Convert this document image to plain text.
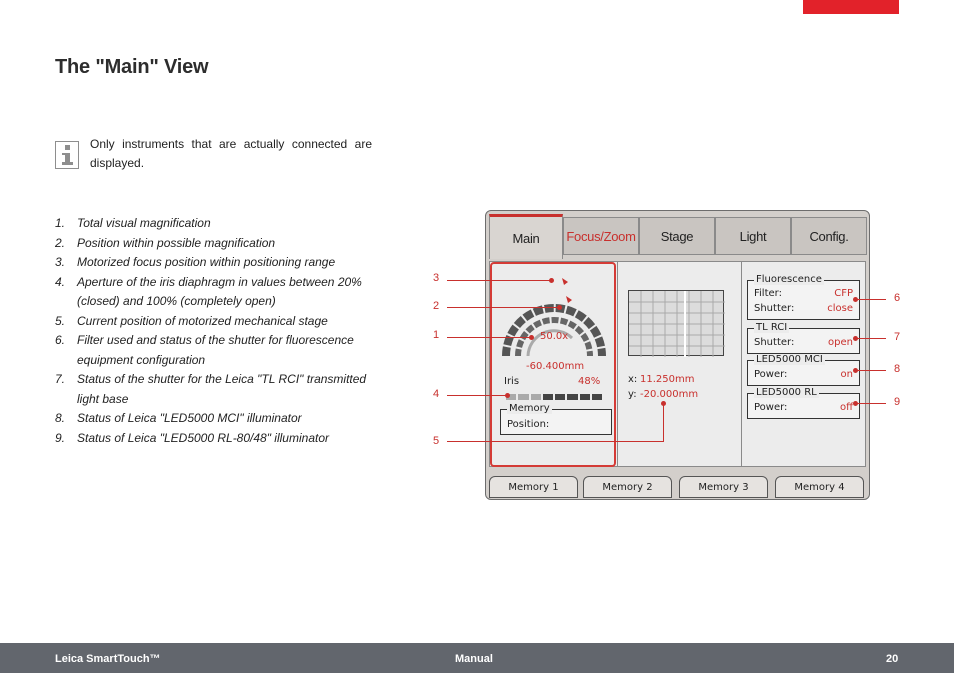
The "Main" View

Only instruments that are actually connected are displayed.

1. Total visual magnification
2. Position within possible magnification
3. Motorized focus position within positioning range
4. Aperture of the iris diaphragm in values between 20% (closed) and 100% (completely open)
5. Current position of motorized mechanical stage
6. Filter used and status of the shutter for fluorescence equipment configuration
7. Status of the shutter for the Leica "TL RCI" transmitted light base
8. Status of Leica "LED5000 MCI" illuminator
9. Status of Leica "LED5000 RL-80/48" illuminator
Main	Focus/Zoom	Stage	Light	Config.
50.0x
-60.400mm
Iris	48%
Memory
Position:
x: 11.250mm
y: -20.000mm
Fluorescence
Filter:	CFP
Shutter:	close
TL RCI
Shutter:	open
LED5000 MCI
Power:	on
LED5000 RL
Power:	off
Memory 1	Memory 2	Memory 3	Memory 4
3
2
1
4
5
6
7
8
9
Leica SmartTouch™	Manual	20
